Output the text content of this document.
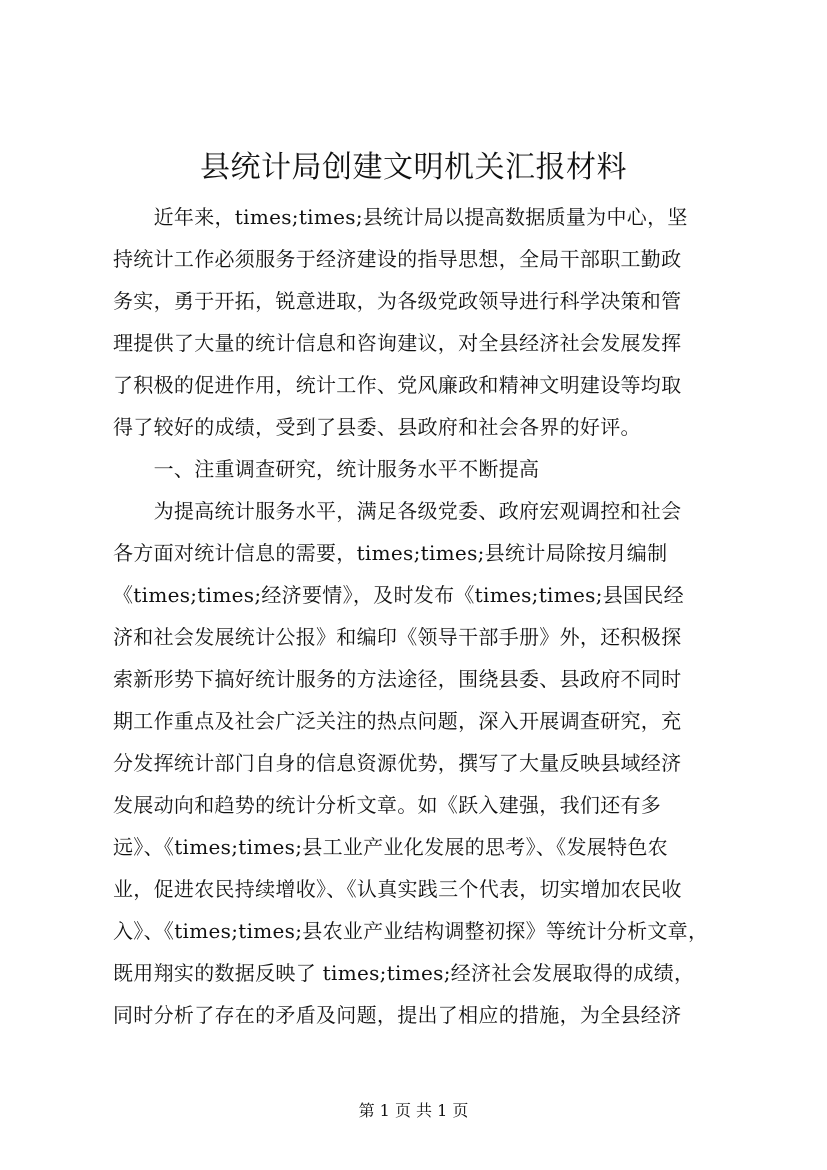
县统计局创建文明机关汇报材料
　　近年来，times;times;县统计局以提高数据质量为中心，坚
持统计工作必须服务于经济建设的指导思想，全局干部职工勤政
务实，勇于开拓，锐意进取，为各级党政领导进行科学决策和管
理提供了大量的统计信息和咨询建议，对全县经济社会发展发挥
了积极的促进作用，统计工作、党风廉政和精神文明建设等均取
得了较好的成绩，受到了县委、县政府和社会各界的好评。
　　一、注重调查研究，统计服务水平不断提高
　　为提高统计服务水平，满足各级党委、政府宏观调控和社会
各方面对统计信息的需要，times;times;县统计局除按月编制
《times;times;经济要情》，及时发布《times;times;县国民经
济和社会发展统计公报》和编印《领导干部手册》外，还积极探
索新形势下搞好统计服务的方法途径，围绕县委、县政府不同时
期工作重点及社会广泛关注的热点问题，深入开展调查研究，充
分发挥统计部门自身的信息资源优势，撰写了大量反映县域经济
发展动向和趋势的统计分析文章。如《跃入建强，我们还有多
远》、《times;times;县工业产业化发展的思考》、《发展特色农
业，促进农民持续增收》、《认真实践三个代表，切实增加农民收
入》、《times;times;县农业产业结构调整初探》等统计分析文章，
既用翔实的数据反映了 times;times;经济社会发展取得的成绩，
同时分析了存在的矛盾及问题，提出了相应的措施，为全县经济
第 1 页 共 1 页
